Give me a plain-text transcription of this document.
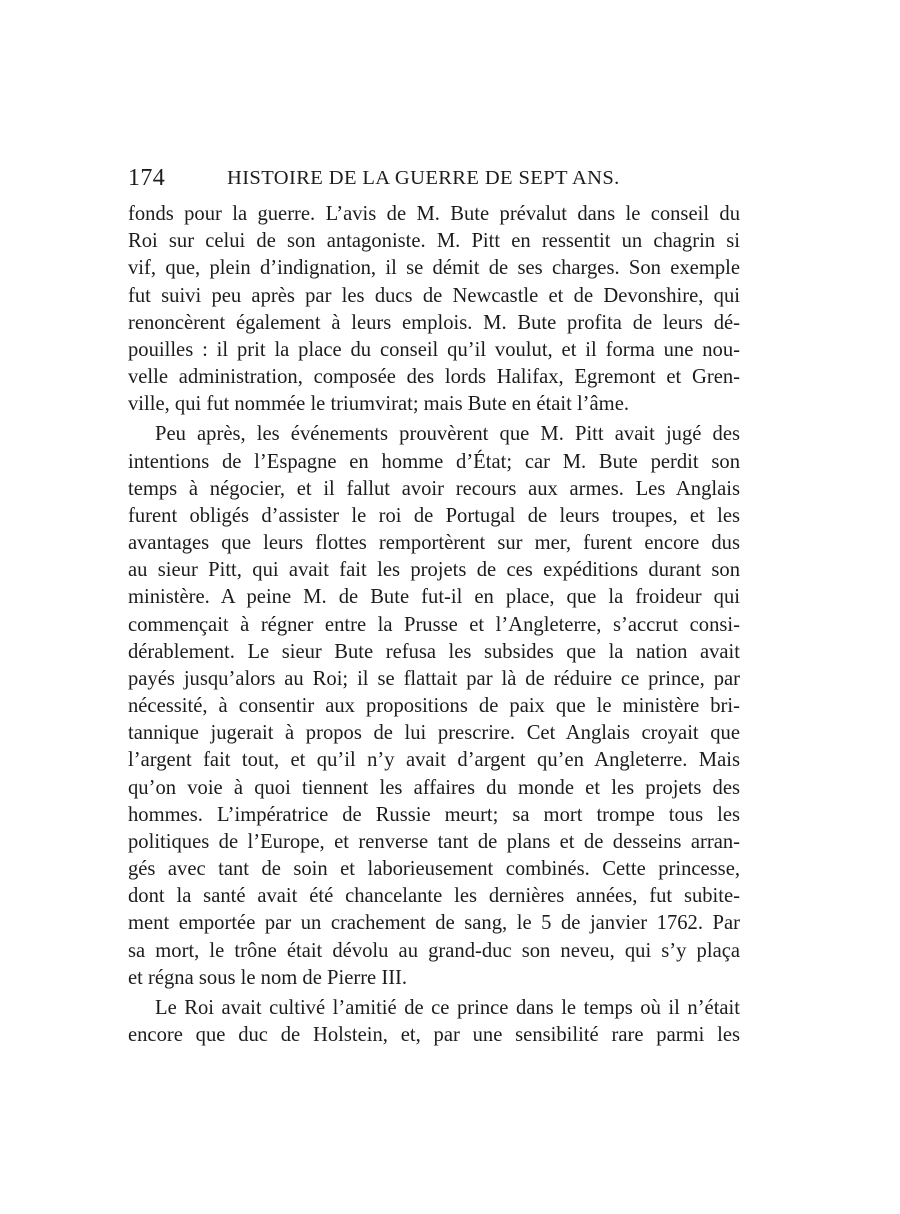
174	HISTOIRE DE LA GUERRE DE SEPT ANS.
fonds pour la guerre. L’avis de M. Bute prévalut dans le conseil du
Roi sur celui de son antagoniste. M. Pitt en ressentit un chagrin si
vif, que, plein d’indignation, il se démit de ses charges. Son exemple
fut suivi peu après par les ducs de Newcastle et de Devonshire, qui
renoncèrent également à leurs emplois. M. Bute profita de leurs dé-
pouilles : il prit la place du conseil qu’il voulut, et il forma une nou-
velle administration, composée des lords Halifax, Egremont et Gren-
ville, qui fut nommée le triumvirat; mais Bute en était l’âme.
Peu après, les événements prouvèrent que M. Pitt avait jugé des
intentions de l’Espagne en homme d’État; car M. Bute perdit son
temps à négocier, et il fallut avoir recours aux armes. Les Anglais
furent obligés d’assister le roi de Portugal de leurs troupes, et les
avantages que leurs flottes remportèrent sur mer, furent encore dus
au sieur Pitt, qui avait fait les projets de ces expéditions durant son
ministère. A peine M. de Bute fut-il en place, que la froideur qui
commençait à régner entre la Prusse et l’Angleterre, s’accrut consi-
dérablement. Le sieur Bute refusa les subsides que la nation avait
payés jusqu’alors au Roi; il se flattait par là de réduire ce prince, par
nécessité, à consentir aux propositions de paix que le ministère bri-
tannique jugerait à propos de lui prescrire. Cet Anglais croyait que
l’argent fait tout, et qu’il n’y avait d’argent qu’en Angleterre. Mais
qu’on voie à quoi tiennent les affaires du monde et les projets des
hommes. L’impératrice de Russie meurt; sa mort trompe tous les
politiques de l’Europe, et renverse tant de plans et de desseins arran-
gés avec tant de soin et laborieusement combinés. Cette princesse,
dont la santé avait été chancelante les dernières années, fut subite-
ment emportée par un crachement de sang, le 5 de janvier 1762. Par
sa mort, le trône était dévolu au grand-duc son neveu, qui s’y plaça
et régna sous le nom de Pierre III.
Le Roi avait cultivé l’amitié de ce prince dans le temps où il n’était
encore que duc de Holstein, et, par une sensibilité rare parmi les
